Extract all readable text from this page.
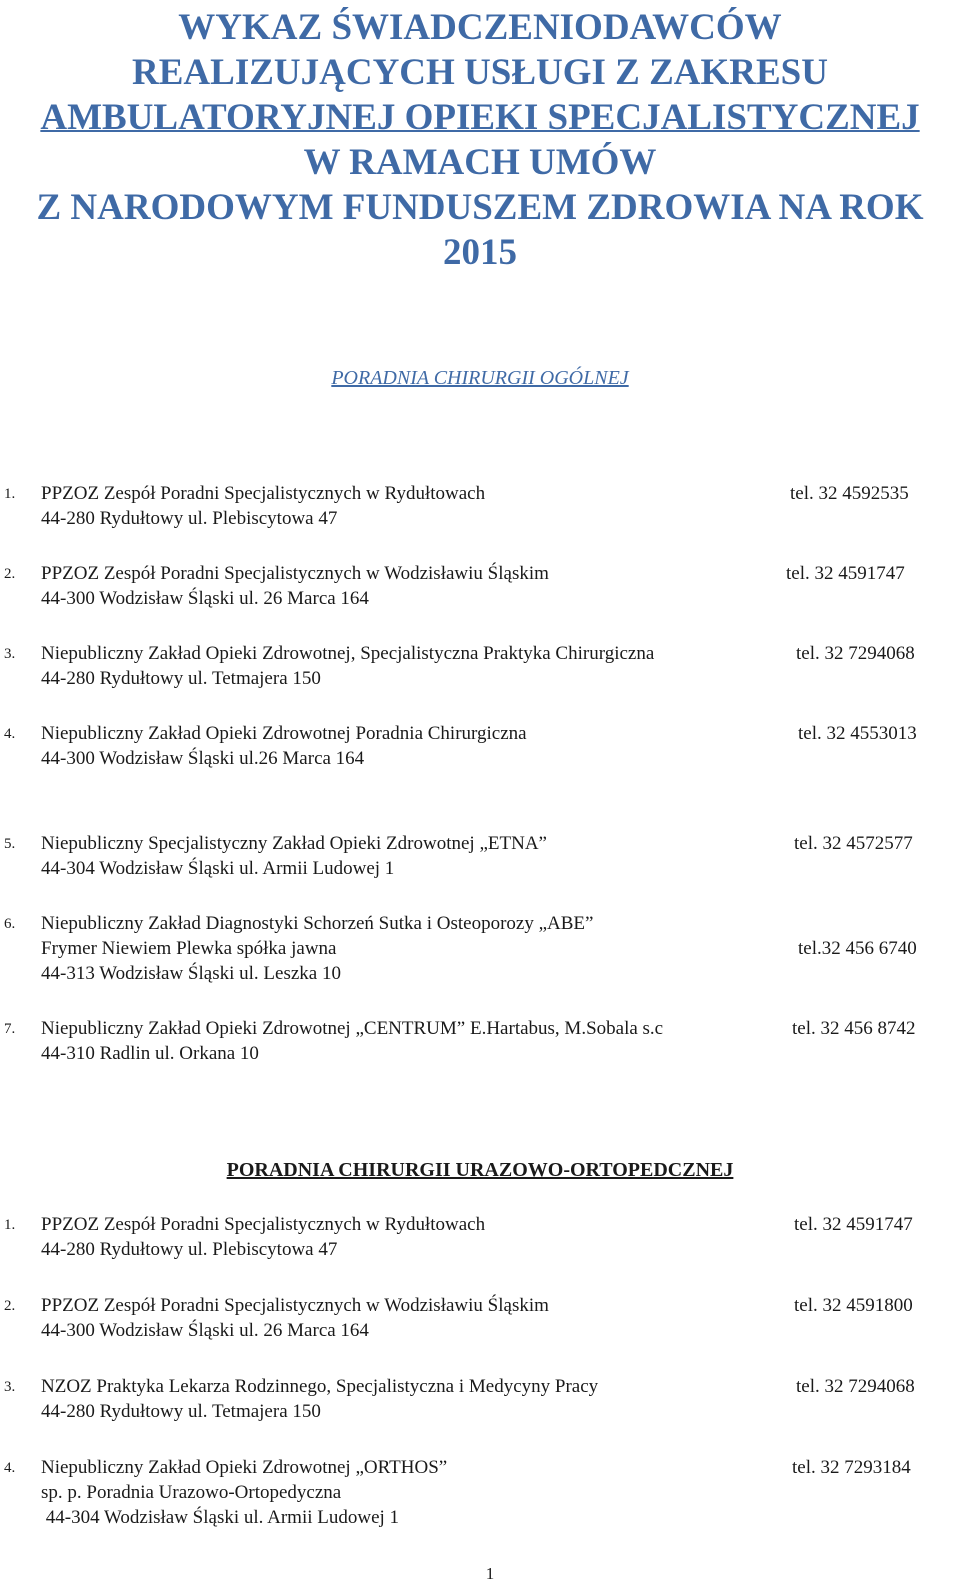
WYKAZ ŚWIADCZENIODAWCÓW
REALIZUJĄCYCH USŁUGI Z ZAKRESU
AMBULATORYJNEJ OPIEKI SPECJALISTYCZNEJ
W RAMACH UMÓW
Z NARODOWYM FUNDUSZEM ZDROWIA NA ROK
2015
PORADNIA CHIRURGII OGÓLNEJ
1. PPZOZ Zespół Poradni Specjalistycznych w Rydułtowach
44-280 Rydułtowy ul. Plebiscytowa 47
tel. 32 4592535
2. PPZOZ Zespół Poradni Specjalistycznych w Wodzisławiu Śląskim
44-300 Wodzisław Śląski ul. 26 Marca 164
tel. 32 4591747
3. Niepubliczny Zakład Opieki Zdrowotnej, Specjalistyczna Praktyka Chirurgiczna
44-280 Rydułtowy ul. Tetmajera 150
tel. 32 7294068
4. Niepubliczny Zakład Opieki Zdrowotnej Poradnia Chirurgiczna
44-300 Wodzisław Śląski ul.26 Marca 164
tel. 32 4553013
5. Niepubliczny Specjalistyczny Zakład Opieki Zdrowotnej „ETNA”
44-304 Wodzisław Śląski ul. Armii Ludowej 1
tel. 32 4572577
6. Niepubliczny Zakład Diagnostyki Schorzeń Sutka i Osteoporozy „ABE”
Frymer Niewiem Plewka spółka jawna
44-313 Wodzisław Śląski ul. Leszka 10
tel.32 456 6740
7. Niepubliczny Zakład Opieki Zdrowotnej „CENTRUM” E.Hartabus, M.Sobala s.c
44-310 Radlin ul. Orkana 10
tel. 32 456 8742
PORADNIA CHIRURGII URAZOWO-ORTOPEDCZNEJ
1. PPZOZ Zespół Poradni Specjalistycznych w Rydułtowach
44-280 Rydułtowy ul. Plebiscytowa 47
tel. 32 4591747
2. PPZOZ Zespół Poradni Specjalistycznych w Wodzisławiu Śląskim
44-300 Wodzisław Śląski ul. 26 Marca 164
tel. 32 4591800
3. NZOZ Praktyka Lekarza Rodzinnego, Specjalistyczna i Medycyny Pracy
44-280 Rydułtowy ul. Tetmajera 150
tel. 32 7294068
4. Niepubliczny Zakład Opieki Zdrowotnej „ORTHOS”
sp. p. Poradnia Urazowo-Ortopedyczna
44-304 Wodzisław Śląski ul. Armii Ludowej 1
tel. 32 7293184
1
